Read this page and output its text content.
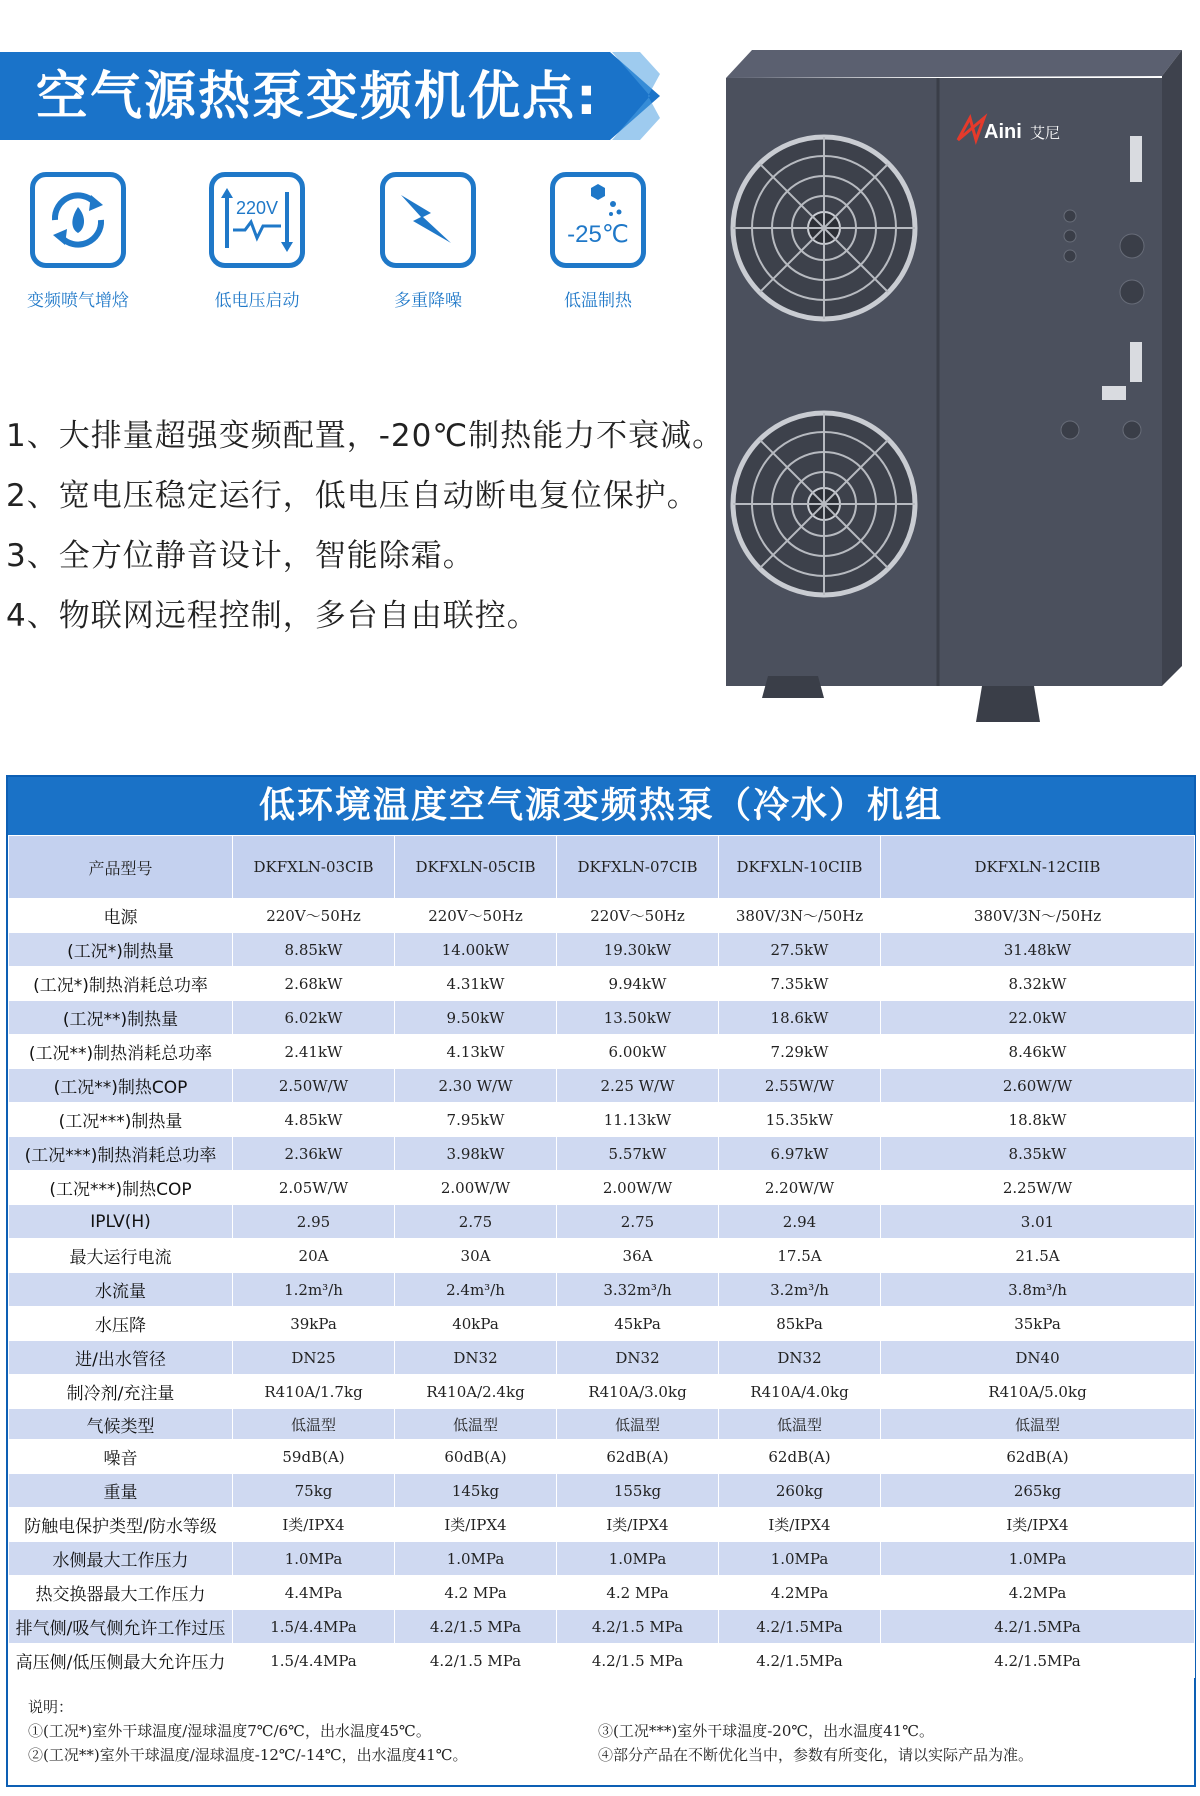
空气源热泵变频机优点:
变频喷气增焓
220V
低电压启动	多重降噪
-25℃
低温制热
1、大排量超强变频配置，-20℃制热能力不衰减。
2、宽电压稳定运行，低电压自动断电复位保护。
3、全方位静音设计，智能除霜。
4、物联网远程控制，多台自由联控。
Aini 艾尼
低环境温度空气源变频热泵（冷水）机组
产品型号	DKFXLN-03CIB	DKFXLN-05CIB	DKFXLN-07CIB	DKFXLN-10CIIB	DKFXLN-12CIIB
电源	220V～50Hz	220V～50Hz	220V～50Hz	380V/3N～/50Hz	380V/3N～/50Hz
(工况*)制热量	8.85kW	14.00kW	19.30kW	27.5kW	31.48kW
(工况*)制热消耗总功率	2.68kW	4.31kW	9.94kW	7.35kW	8.32kW
(工况**)制热量	6.02kW	9.50kW	13.50kW	18.6kW	22.0kW
(工况**)制热消耗总功率	2.41kW	4.13kW	6.00kW	7.29kW	8.46kW
(工况**)制热COP	2.50W/W	2.30 W/W	2.25 W/W	2.55W/W	2.60W/W
(工况***)制热量	4.85kW	7.95kW	11.13kW	15.35kW	18.8kW
(工况***)制热消耗总功率	2.36kW	3.98kW	5.57kW	6.97kW	8.35kW
(工况***)制热COP	2.05W/W	2.00W/W	2.00W/W	2.20W/W	2.25W/W
IPLV(H)	2.95	2.75	2.75	2.94	3.01
最大运行电流	20A	30A	36A	17.5A	21.5A
水流量	1.2m³/h	2.4m³/h	3.32m³/h	3.2m³/h	3.8m³/h
水压降	39kPa	40kPa	45kPa	85kPa	35kPa
进/出水管径	DN25	DN32	DN32	DN32	DN40
制冷剂/充注量	R410A/1.7kg	R410A/2.4kg	R410A/3.0kg	R410A/4.0kg	R410A/5.0kg
气候类型	低温型	低温型	低温型	低温型	低温型
噪音	59dB(A)	60dB(A)	62dB(A)	62dB(A)	62dB(A)
重量	75kg	145kg	155kg	260kg	265kg
防触电保护类型/防水等级	I类/IPX4	I类/IPX4	I类/IPX4	I类/IPX4	I类/IPX4
水侧最大工作压力	1.0MPa	1.0MPa	1.0MPa	1.0MPa	1.0MPa
热交换器最大工作压力	4.4MPa	4.2 MPa	4.2 MPa	4.2MPa	4.2MPa
排气侧/吸气侧允许工作过压	1.5/4.4MPa	4.2/1.5 MPa	4.2/1.5 MPa	4.2/1.5MPa	4.2/1.5MPa
高压侧/低压侧最大允许压力	1.5/4.4MPa	4.2/1.5 MPa	4.2/1.5 MPa	4.2/1.5MPa	4.2/1.5MPa
说明：
①(工况*)室外干球温度/湿球温度7℃/6℃，出水温度45℃。	③(工况***)室外干球温度-20℃，出水温度41℃。
②(工况**)室外干球温度/湿球温度-12℃/-14℃，出水温度41℃。	④部分产品在不断优化当中，参数有所变化，请以实际产品为准。
